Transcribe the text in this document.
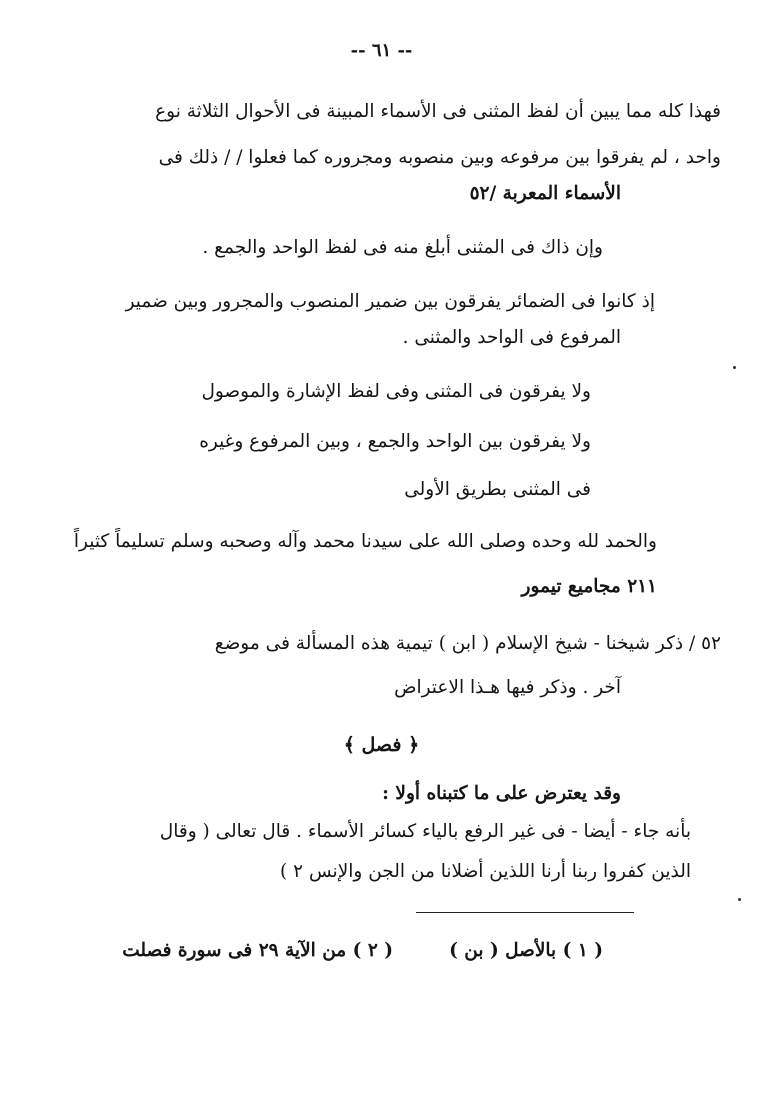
-- ٦١ --
فهذا كله مما يبين أن لفظ المثنى فى الأسماء المبينة فى الأحوال الثلاثة نوع
واحد ، لم يفرقوا بين مرفوعه وبين منصوبه ومجروره كما فعلوا / / ذلك فى
الأسماء المعربة /٥٢
وإن ذاك فى المثنى أبلغ منه فى لفظ الواحد والجمع .
إذ كانوا فى الضمائر يفرقون بين ضمير المنصوب والمجرور وبين ضمير
المرفوع فى الواحد والمثنى .
ولا يفرقون فى المثنى وفى لفظ الإشارة والموصول
ولا يفرقون بين الواحد والجمع ، وبين المرفوع وغيره
فى المثنى بطريق الأولى
والحمد لله وحده وصلى الله على سيدنا محمد وآله وصحبه وسلم تسليماً كثيراً
٢١١ مجاميع تيمور
٥٢ / ذكر شيخنا - شيخ الإسلام ( ابن ) تيمية هذه المسألة فى موضع
آخر . وذكر فيها هـذا الاعتراض
﴿ فصل ﴾
وقد يعترض على ما كتبناه أولا :
بأنه جاء - أيضا - فى غير الرفع بالياء كسائر الأسماء . قال تعالى ( وقال
الذين كفروا ربنا أرنا اللذين أضلانا من الجن والإنس ٢ )
( ١ ) بالأصل ( بن )
( ٢ ) من الآية ٢٩ فى سورة فصلت
